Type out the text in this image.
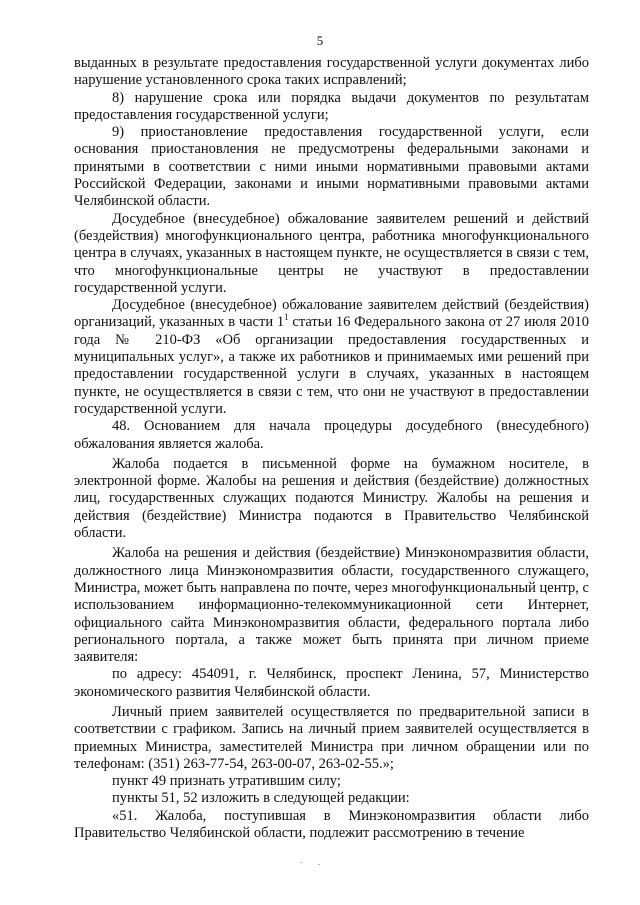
5

выданных в результате предоставления государственной услуги документах либо нарушение установленного срока таких исправлений;

8) нарушение срока или порядка выдачи документов по результатам предоставления государственной услуги;

9) приостановление предоставления государственной услуги, если основания приостановления не предусмотрены федеральными законами и принятыми в соответствии с ними иными нормативными правовыми актами Российской Федерации, законами и иными нормативными правовыми актами Челябинской области.

Досудебное (внесудебное) обжалование заявителем решений и действий (бездействия) многофункционального центра, работника многофункционального центра в случаях, указанных в настоящем пункте, не осуществляется в связи с тем, что многофункциональные центры не участвуют в предоставлении государственной услуги.

Досудебное (внесудебное) обжалование заявителем действий (бездействия) организаций, указанных в части $1^1$ статьи 16 Федерального закона от 27 июля 2010 года № 210-ФЗ «Об организации предоставления государственных и муниципальных услуг», а также их работников и принимаемых ими решений при предоставлении государственной услуги в случаях, указанных в настоящем пункте, не осуществляется в связи с тем, что они не участвуют в предоставлении государственной услуги.

48. Основанием для начала процедуры досудебного (внесудебного) обжалования является жалоба.

Жалоба подается в письменной форме на бумажном носителе, в электронной форме. Жалобы на решения и действия (бездействие) должностных лиц, государственных служащих подаются Министру. Жалобы на решения и действия (бездействие) Министра подаются в Правительство Челябинской области.

Жалоба на решения и действия (бездействие) Минэкономразвития области, должностного лица Минэкономразвития области, государственного служащего, Министра, может быть направлена по почте, через многофункциональный центр, с использованием информационно-телекоммуникационной сети Интернет, официального сайта Минэкономразвития области, федерального портала либо регионального портала, а также может быть принята при личном приеме заявителя:

по адресу: 454091, г. Челябинск, проспект Ленина, 57, Министерство экономического развития Челябинской области.

Личный прием заявителей осуществляется по предварительной записи в соответствии с графиком. Запись на личный прием заявителей осуществляется в приемных Министра, заместителей Министра при личном обращении или по телефонам: (351) 263-77-54, 263-00-07, 263-02-55.»;

пункт 49 признать утратившим силу;

пункты 51, 52 изложить в следующей редакции:

«51. Жалоба, поступившая в Минэкономразвития области либо Правительство Челябинской области, подлежит рассмотрению в течение
